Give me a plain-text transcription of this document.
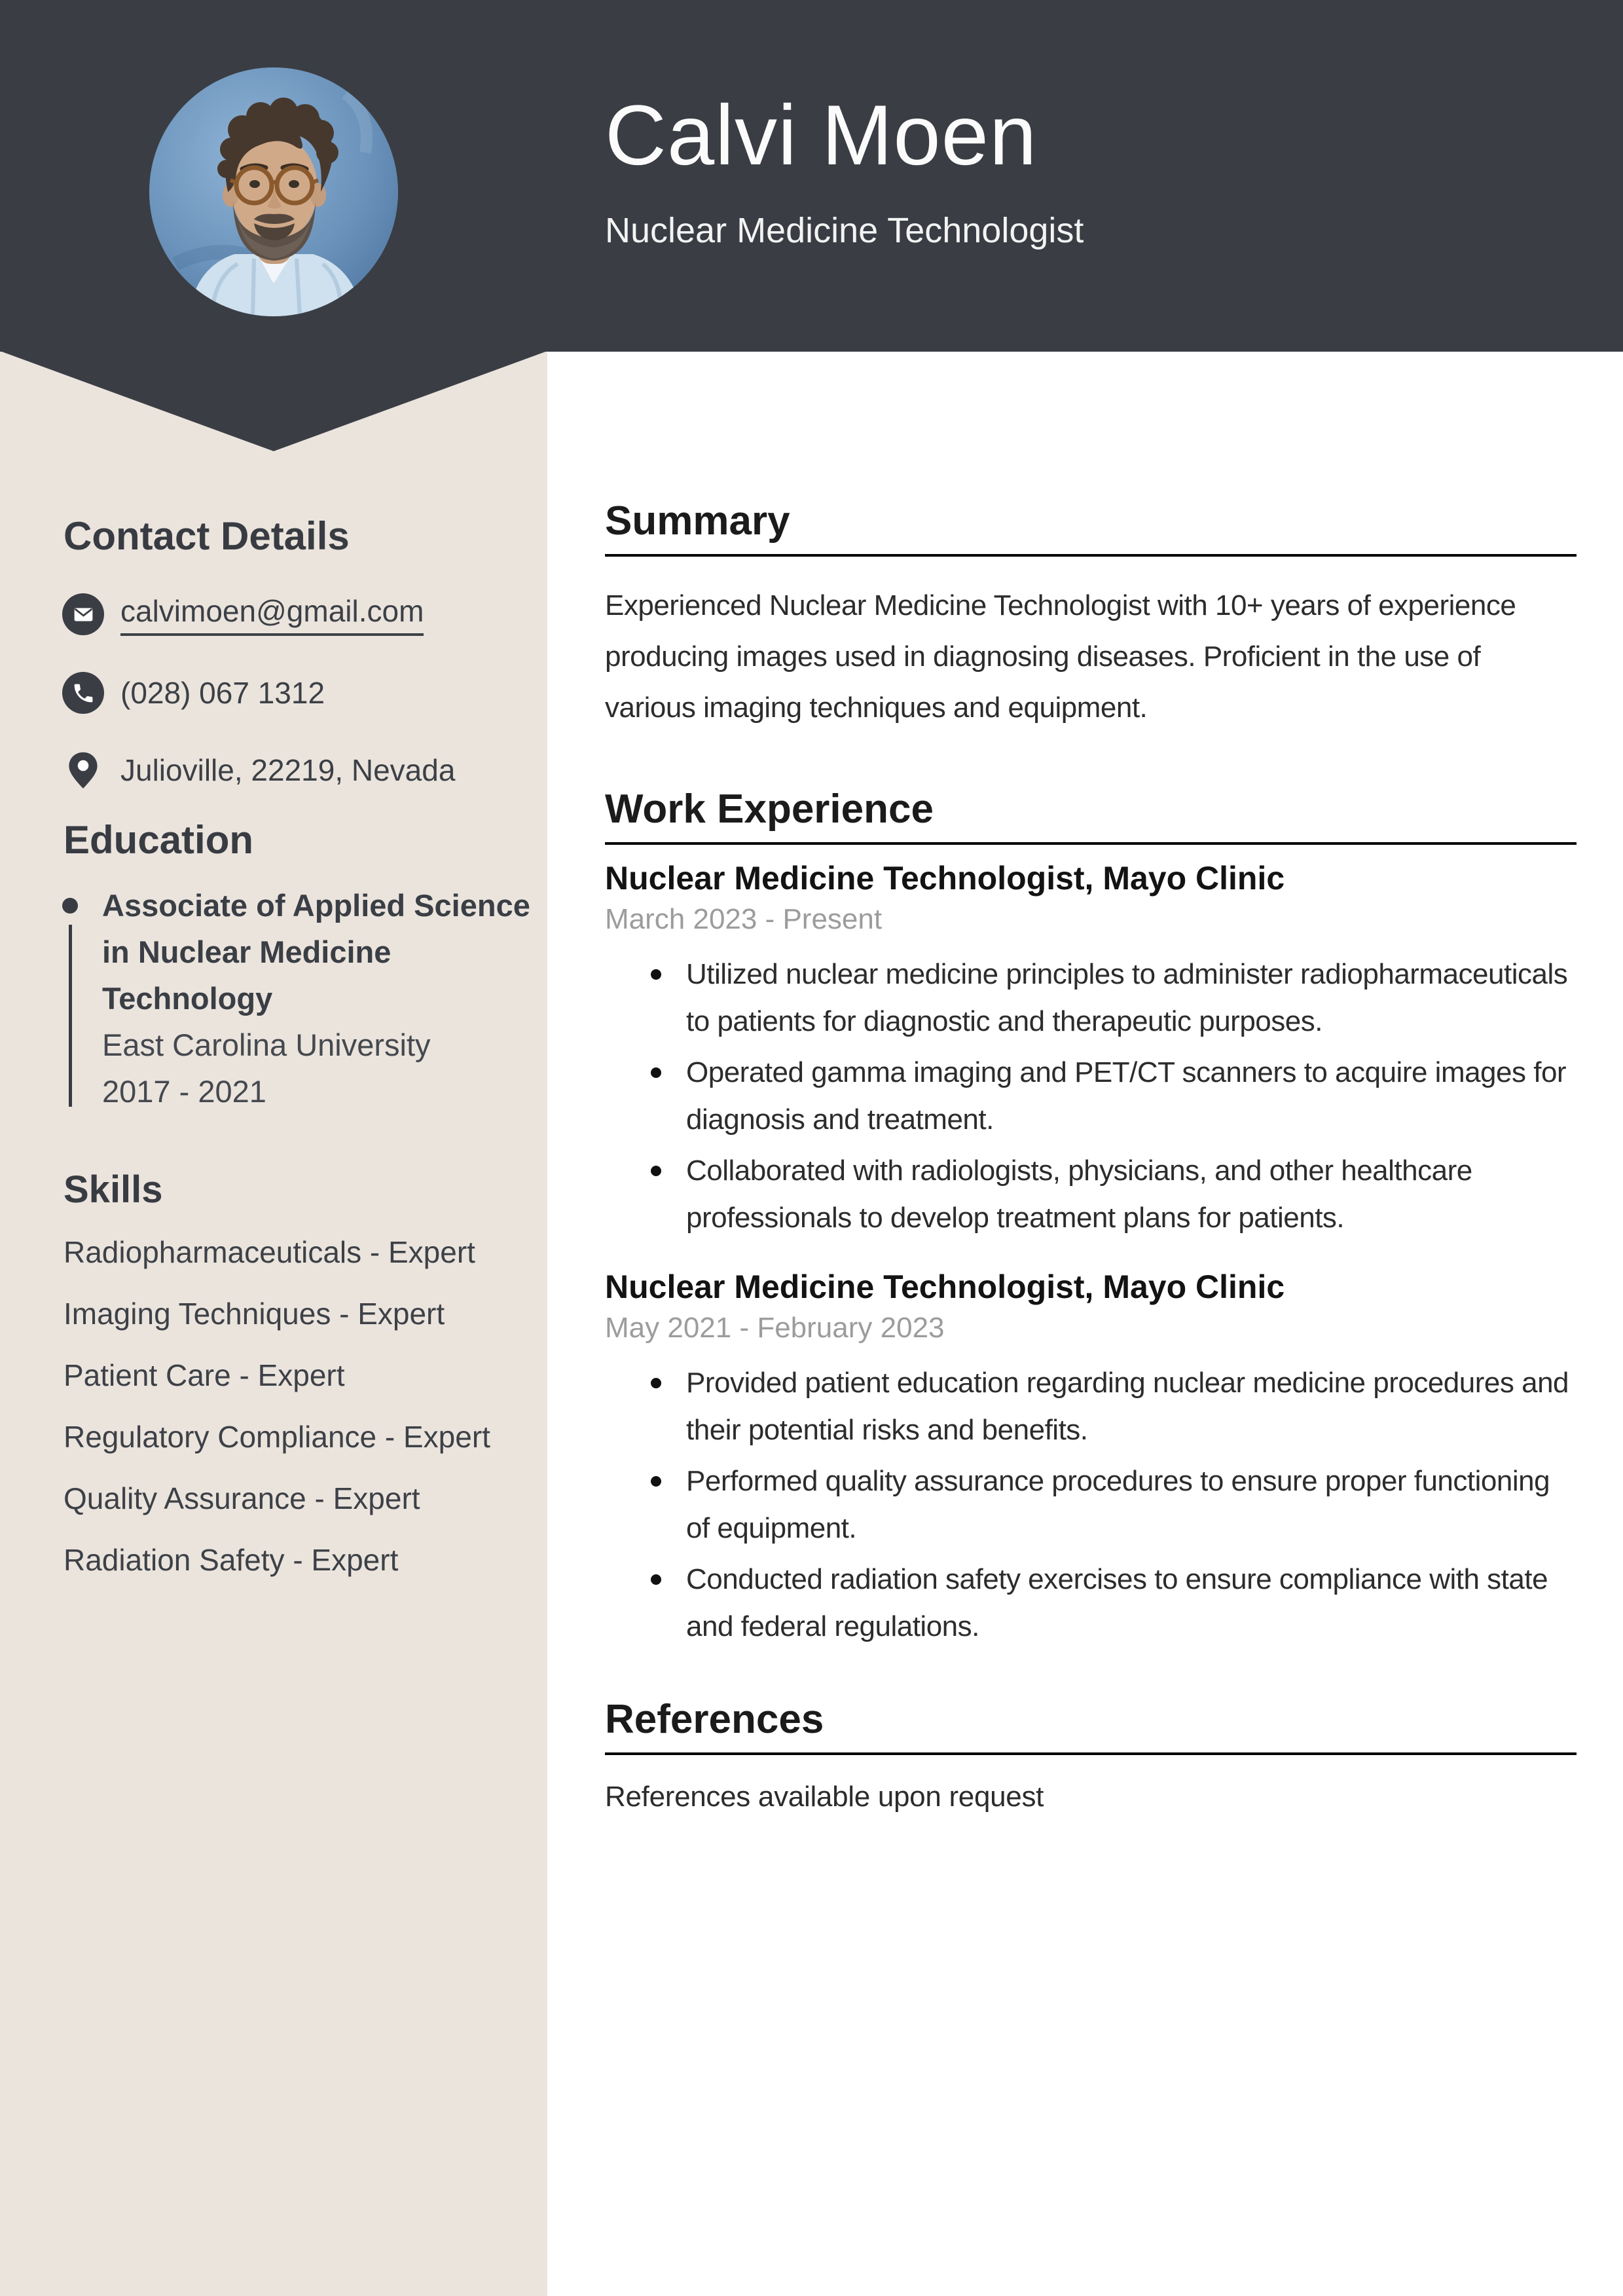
Calvi Moen
Nuclear Medicine Technologist
Contact Details
calvimoen@gmail.com
(028) 067 1312
Julioville, 22219, Nevada
Education
Associate of Applied Science in Nuclear Medicine Technology
East Carolina University
2017 - 2021
Skills
Radiopharmaceuticals - Expert
Imaging Techniques - Expert
Patient Care - Expert
Regulatory Compliance - Expert
Quality Assurance - Expert
Radiation Safety - Expert
Summary
Experienced Nuclear Medicine Technologist with 10+ years of experience producing images used in diagnosing diseases. Proficient in the use of various imaging techniques and equipment.
Work Experience
Nuclear Medicine Technologist, Mayo Clinic
March 2023 - Present
Utilized nuclear medicine principles to administer radiopharmaceuticals to patients for diagnostic and therapeutic purposes.
Operated gamma imaging and PET/CT scanners to acquire images for diagnosis and treatment.
Collaborated with radiologists, physicians, and other healthcare professionals to develop treatment plans for patients.
Nuclear Medicine Technologist, Mayo Clinic
May 2021 - February 2023
Provided patient education regarding nuclear medicine procedures and their potential risks and benefits.
Performed quality assurance procedures to ensure proper functioning of equipment.
Conducted radiation safety exercises to ensure compliance with state and federal regulations.
References
References available upon request
